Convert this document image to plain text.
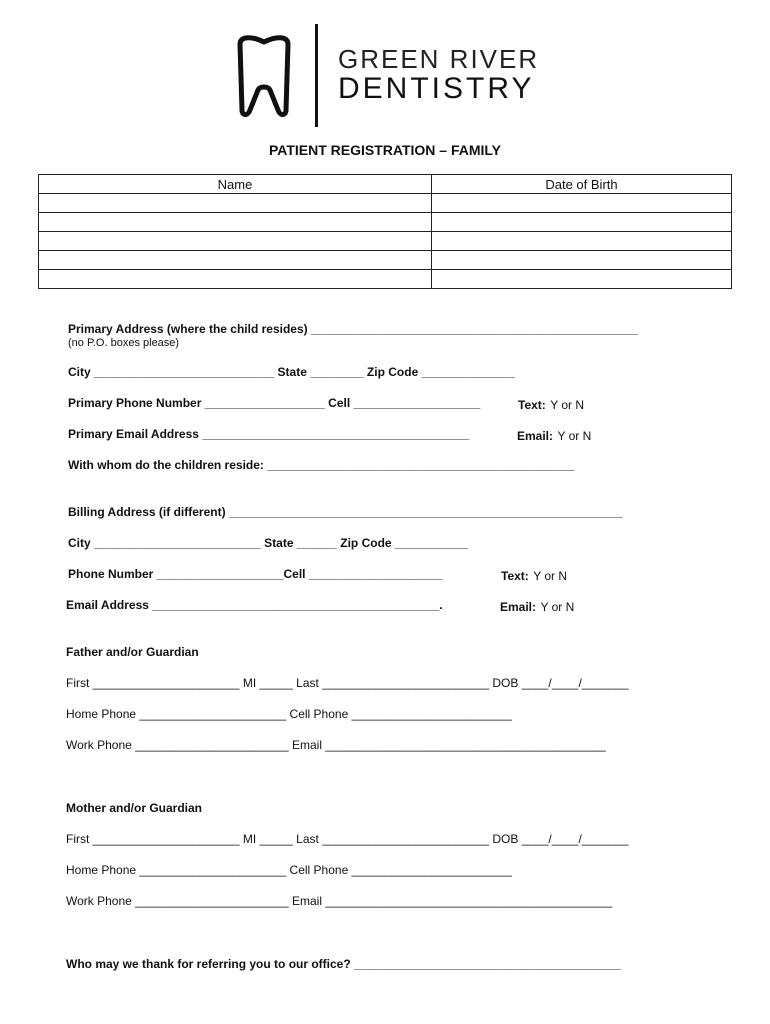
GREEN RIVER
DENTISTRY
PATIENT REGISTRATION – FAMILY
Name	Date of Birth

Primary Address (where the child resides) _________________________________________________
(no P.O. boxes please)
City ___________________________ State ________ Zip Code ______________
Primary Phone Number __________________ Cell ___________________	Text: Y or N
Primary Email Address ________________________________________	Email: Y or N
With whom do the children reside: ______________________________________________
Billing Address (if different) ___________________________________________________________
City _________________________ State ______ Zip Code ___________
Phone Number ___________________Cell ____________________	Text: Y or N
Email Address ___________________________________________.	Email: Y or N
Father and/or Guardian
First ______________________ MI _____ Last _________________________ DOB ____/____/_______
Home Phone ______________________ Cell Phone ________________________
Work Phone _______________________ Email __________________________________________
Mother and/or Guardian
First ______________________ MI _____ Last _________________________ DOB ____/____/_______
Home Phone ______________________ Cell Phone ________________________
Work Phone _______________________ Email ___________________________________________
Who may we thank for referring you to our office? ________________________________________
